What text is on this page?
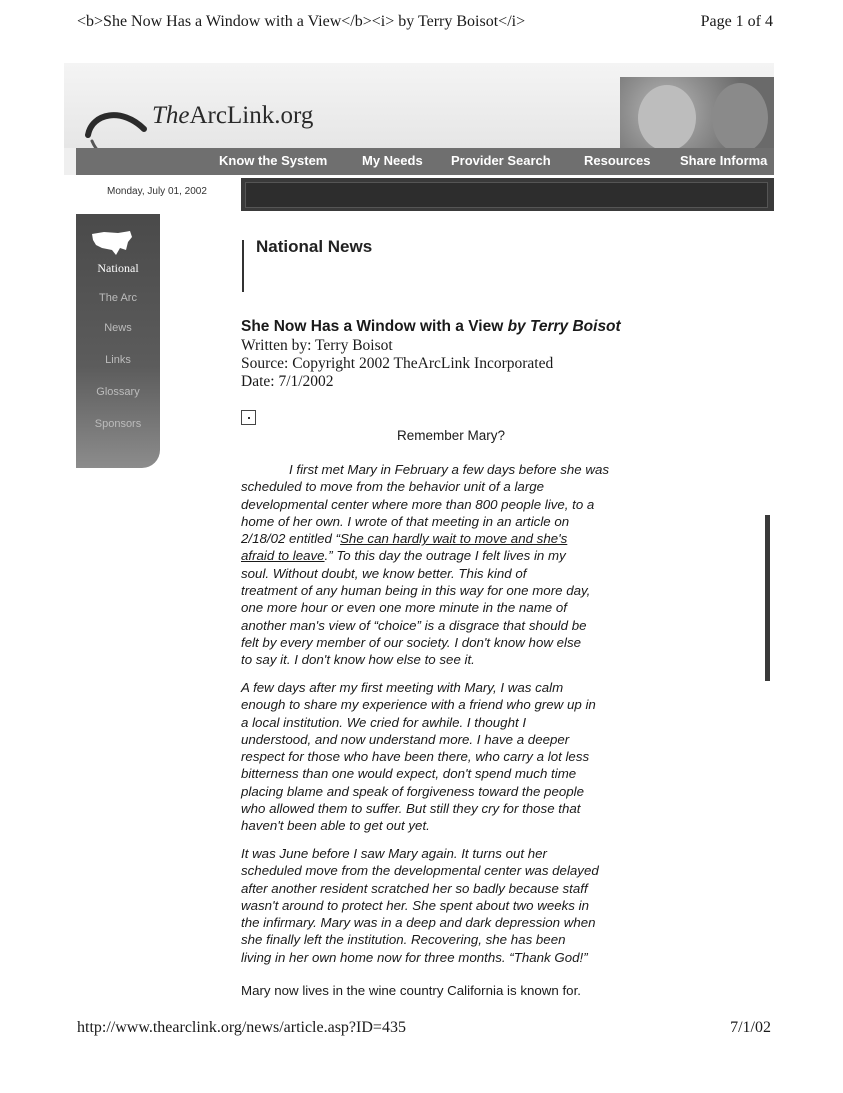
<b>She Now Has a Window with a View</b><i> by Terry Boisot</i>	Page 1 of 4
TheArcLink.org
Know the System	My Needs Provider Search	Resources Share Informa
Monday, July 01, 2002
National
The Arc
News
Links
Glossary
Sponsors
National News
She Now Has a Window with a View by Terry Boisot
Written by: Terry Boisot
Source: Copyright 2002 TheArcLink Incorporated
Date: 7/1/2002
Remember Mary?

I first met Mary in February a few days before she was
scheduled to move from the behavior unit of a large
developmental center where more than 800 people live, to a
home of her own. I wrote of that meeting in an article on
2/18/02 entitled “She can hardly wait to move and she's
afraid to leave.” To this day the outrage I felt lives in my
soul. Without doubt, we know better. This kind of
treatment of any human being in this way for one more day,
one more hour or even one more minute in the name of
another man's view of “choice” is a disgrace that should be
felt by every member of our society. I don't know how else
to say it. I don't know how else to see it.

A few days after my first meeting with Mary, I was calm
enough to share my experience with a friend who grew up in
a local institution. We cried for awhile. I thought I
understood, and now understand more. I have a deeper
respect for those who have been there, who carry a lot less
bitterness than one would expect, don't spend much time
placing blame and speak of forgiveness toward the people
who allowed them to suffer. But still they cry for those that
haven't been able to get out yet.

It was June before I saw Mary again. It turns out her
scheduled move from the developmental center was delayed
after another resident scratched her so badly because staff
wasn't around to protect her. She spent about two weeks in
the infirmary. Mary was in a deep and dark depression when
she finally left the institution. Recovering, she has been
living in her own home now for three months. “Thank God!”

Mary now lives in the wine country California is known for.

http://www.thearclink.org/news/article.asp?ID=435	7/1/02
